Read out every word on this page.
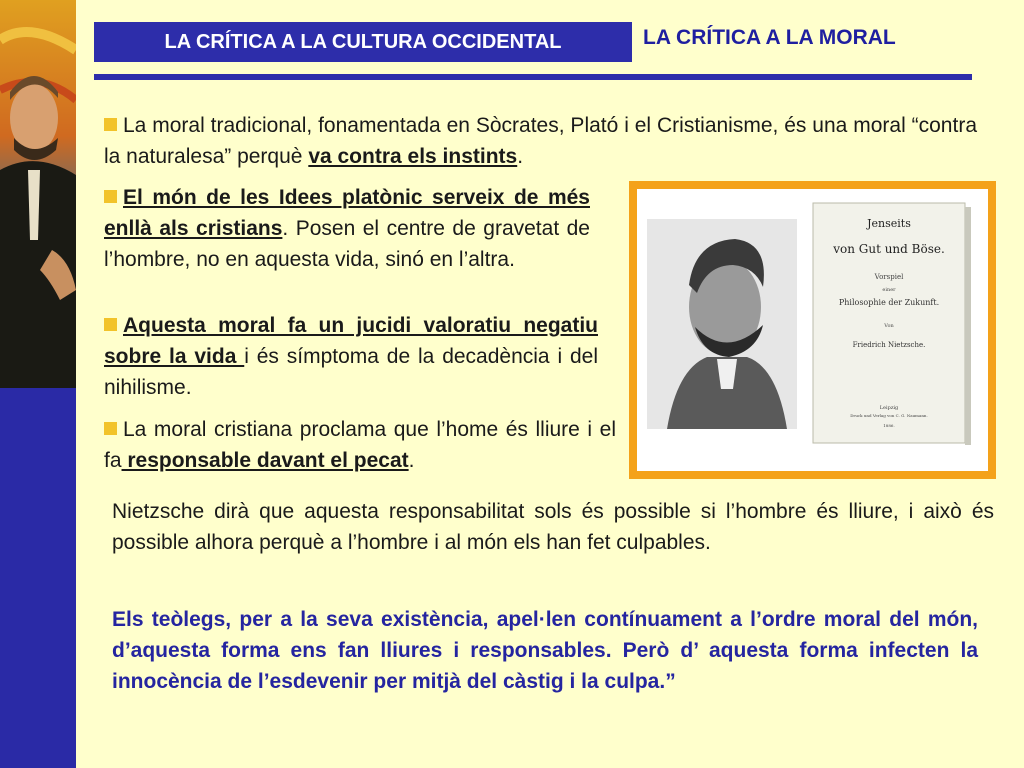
LA CRÍTICA A LA CULTURA OCCIDENTAL	LA CRÍTICA A LA MORAL
La moral tradicional, fonamentada en Sòcrates, Plató i el Cristianisme, és una moral “contra la naturalesa” perquè va contra els instints.
El món de les Idees platònic serveix de més enllà als cristians. Posen el centre de gravetat de l’hombre, no en aquesta vida, sinó en l’altra.
Aquesta moral fa un jucidi valoratiu negatiu sobre la vida i és símptoma de la decadència i del nihilisme.
La moral cristiana proclama que l’home és lliure i el fa responsable davant el pecat.
Jenseits
von Gut und Böse.
Vorspiel
einer
Philosophie der Zukunft.
Von
Friedrich Nietzsche.
Leipzig
Druck und Verlag von C. G. Naumann.
1886.
Nietzsche dirà que aquesta responsabilitat sols és possible si l’hombre és lliure, i això és possible alhora perquè a l’hombre i al món els han fet culpables.
Els teòlegs, per a la seva existència, apel·len contínuament a l’ordre moral del món, d’aquesta forma ens fan lliures i responsables. Però d’ aquesta forma infecten la innocència de l’esdevenir per mitjà del càstig i la culpa.”
